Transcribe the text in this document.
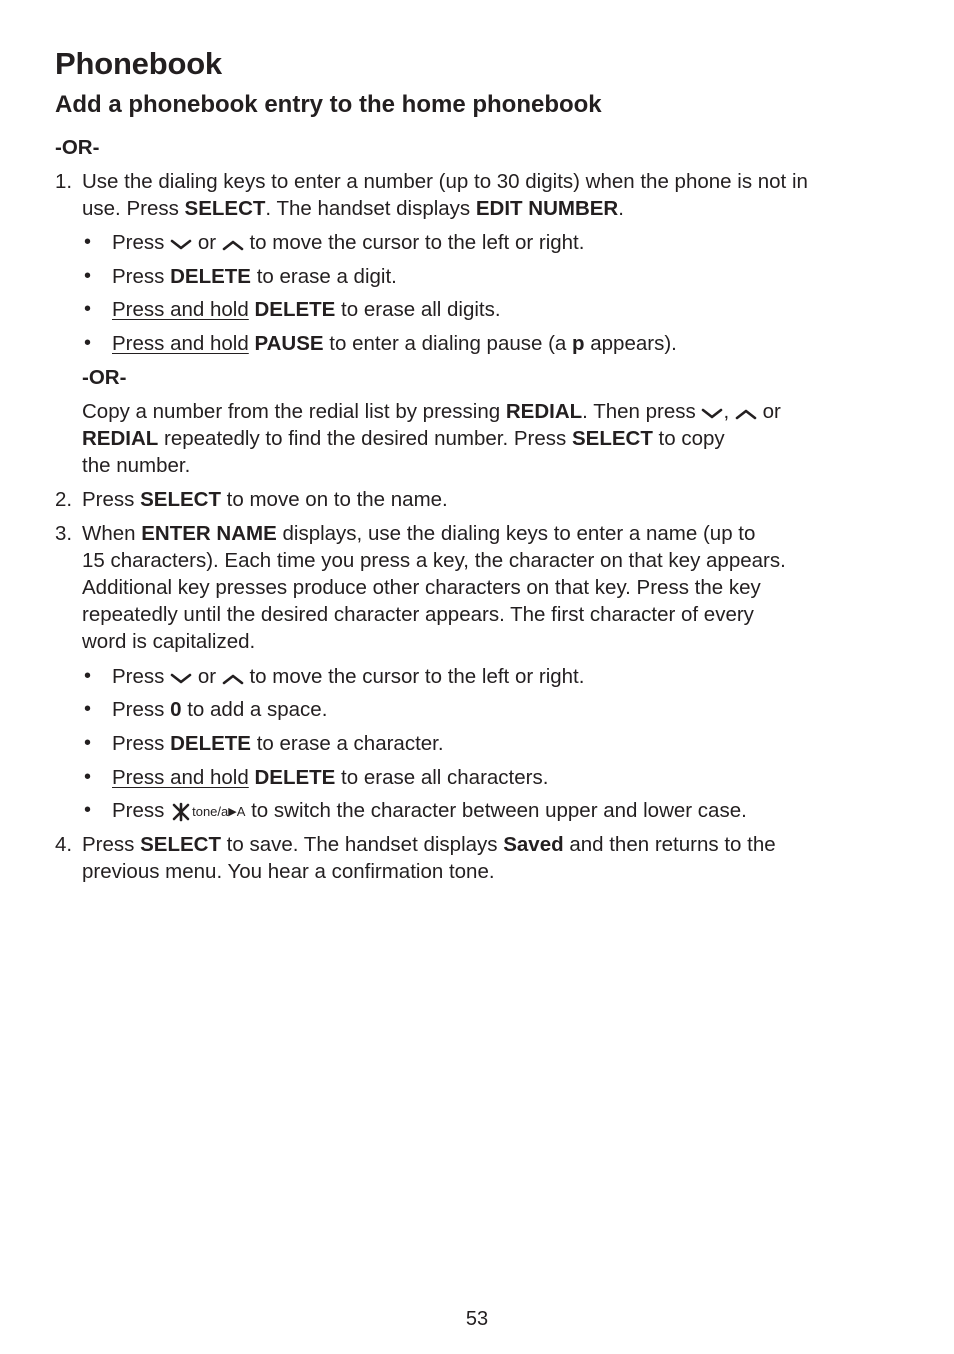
Phonebook
Add a phonebook entry to the home phonebook
-OR-
1. Use the dialing keys to enter a number (up to 30 digits) when the phone is not in
use. Press SELECT. The handset displays EDIT NUMBER.
• Press or to move the cursor to the left or right.
• Press DELETE to erase a digit.
• Press and hold DELETE to erase all digits.
• Press and hold PAUSE to enter a dialing pause (a p appears).
-OR-
Copy a number from the redial list by pressing REDIAL. Then press , or
REDIAL repeatedly to find the desired number. Press SELECT to copy
the number.
2. Press SELECT to move on to the name.
3. When ENTER NAME displays, use the dialing keys to enter a name (up to
15 characters). Each time you press a key, the character on that key appears.
Additional key presses produce other characters on that key. Press the key
repeatedly until the desired character appears. The first character of every
word is capitalized.
• Press or to move the cursor to the left or right.
• Press 0 to add a space.
• Press DELETE to erase a character.
• Press and hold DELETE to erase all characters.
• Press tone/a▶A to switch the character between upper and lower case.
4. Press SELECT to save. The handset displays Saved and then returns to the
previous menu. You hear a confirmation tone.
53
